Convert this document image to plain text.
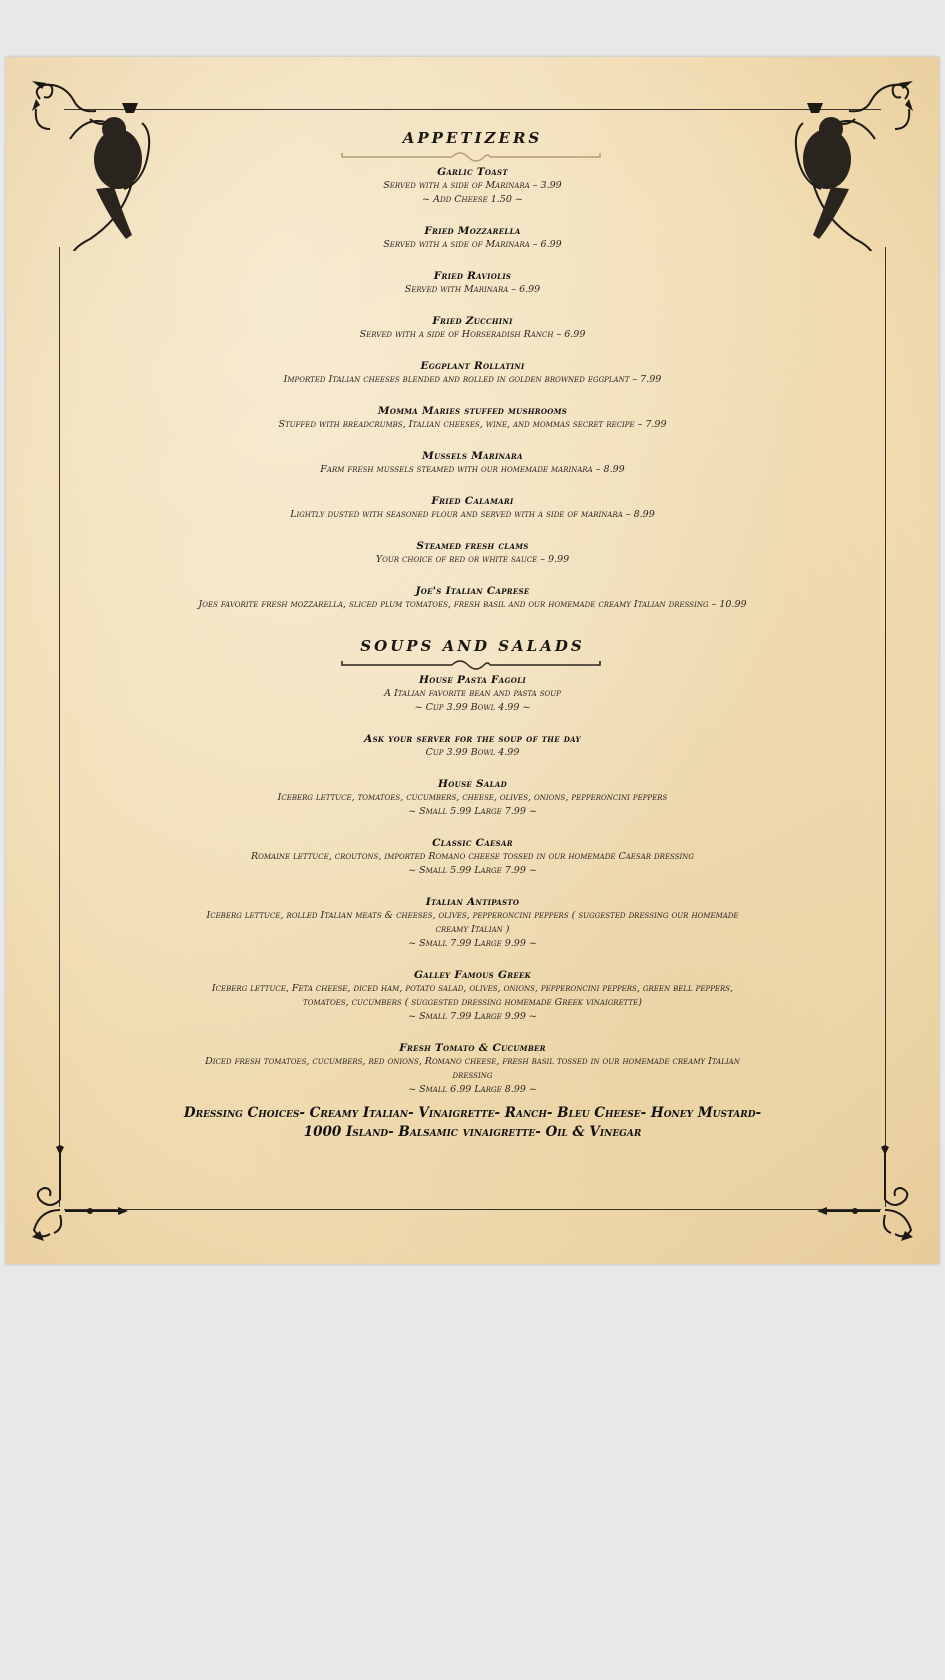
APPETIZERS
Garlic Toast
Served with a side of Marinara – 3.99
~ Add Cheese 1.50 ~
Fried Mozzarella
Served with a side of Marinara – 6.99
Fried Raviolis
Served with Marinara – 6.99
Fried Zucchini
Served with a side of Horseradish Ranch – 6.99
Eggplant Rollatini
Imported Italian cheeses blended and rolled in golden browned eggplant – 7.99
Momma Maries stuffed mushrooms
Stuffed with breadcrumbs, Italian cheeses, wine, and mommas secret recipe – 7.99
Mussels Marinara
Farm fresh mussels steamed with our homemade marinara – 8.99
Fried Calamari
Lightly dusted with seasoned flour and served with a side of marinara – 8.99
Steamed fresh clams
Your choice of red or white sauce – 9.99
Joe's Italian Caprese
Joes favorite fresh mozzarella, sliced plum tomatoes, fresh basil and our homemade creamy Italian dressing – 10.99
SOUPS AND SALADS
House Pasta Fagoli
A Italian favorite bean and pasta soup
~ Cup 3.99 Bowl 4.99 ~
Ask your server for the soup of the day
Cup 3.99 Bowl 4.99
House Salad
Iceberg lettuce, tomatoes, cucumbers, cheese, olives, onions, pepperoncini peppers
~ Small 5.99 Large 7.99 ~
Classic Caesar
Romaine lettuce, croutons, imported Romano cheese tossed in our homemade Caesar dressing
~ Small 5.99 Large 7.99 ~
Italian Antipasto
Iceberg lettuce, rolled Italian meats & cheeses, olives, pepperoncini peppers ( suggested dressing our homemade
creamy Italian )
~ Small 7.99 Large 9.99 ~
Galley Famous Greek
Iceberg lettuce, Feta cheese, diced ham, potato salad, olives, onions, pepperoncini peppers, green bell peppers,
tomatoes, cucumbers ( suggested dressing homemade Greek vinaigrette)
~ Small 7.99 Large 9.99 ~
Fresh Tomato & Cucumber
Diced fresh tomatoes, cucumbers, red onions, Romano cheese, fresh basil tossed in our homemade creamy Italian
dressing
~ Small 6.99 Large 8.99 ~
Dressing Choices- Creamy Italian- Vinaigrette- Ranch- Bleu Cheese- Honey Mustard-
1000 Island- Balsamic vinaigrette- Oil & Vinegar
